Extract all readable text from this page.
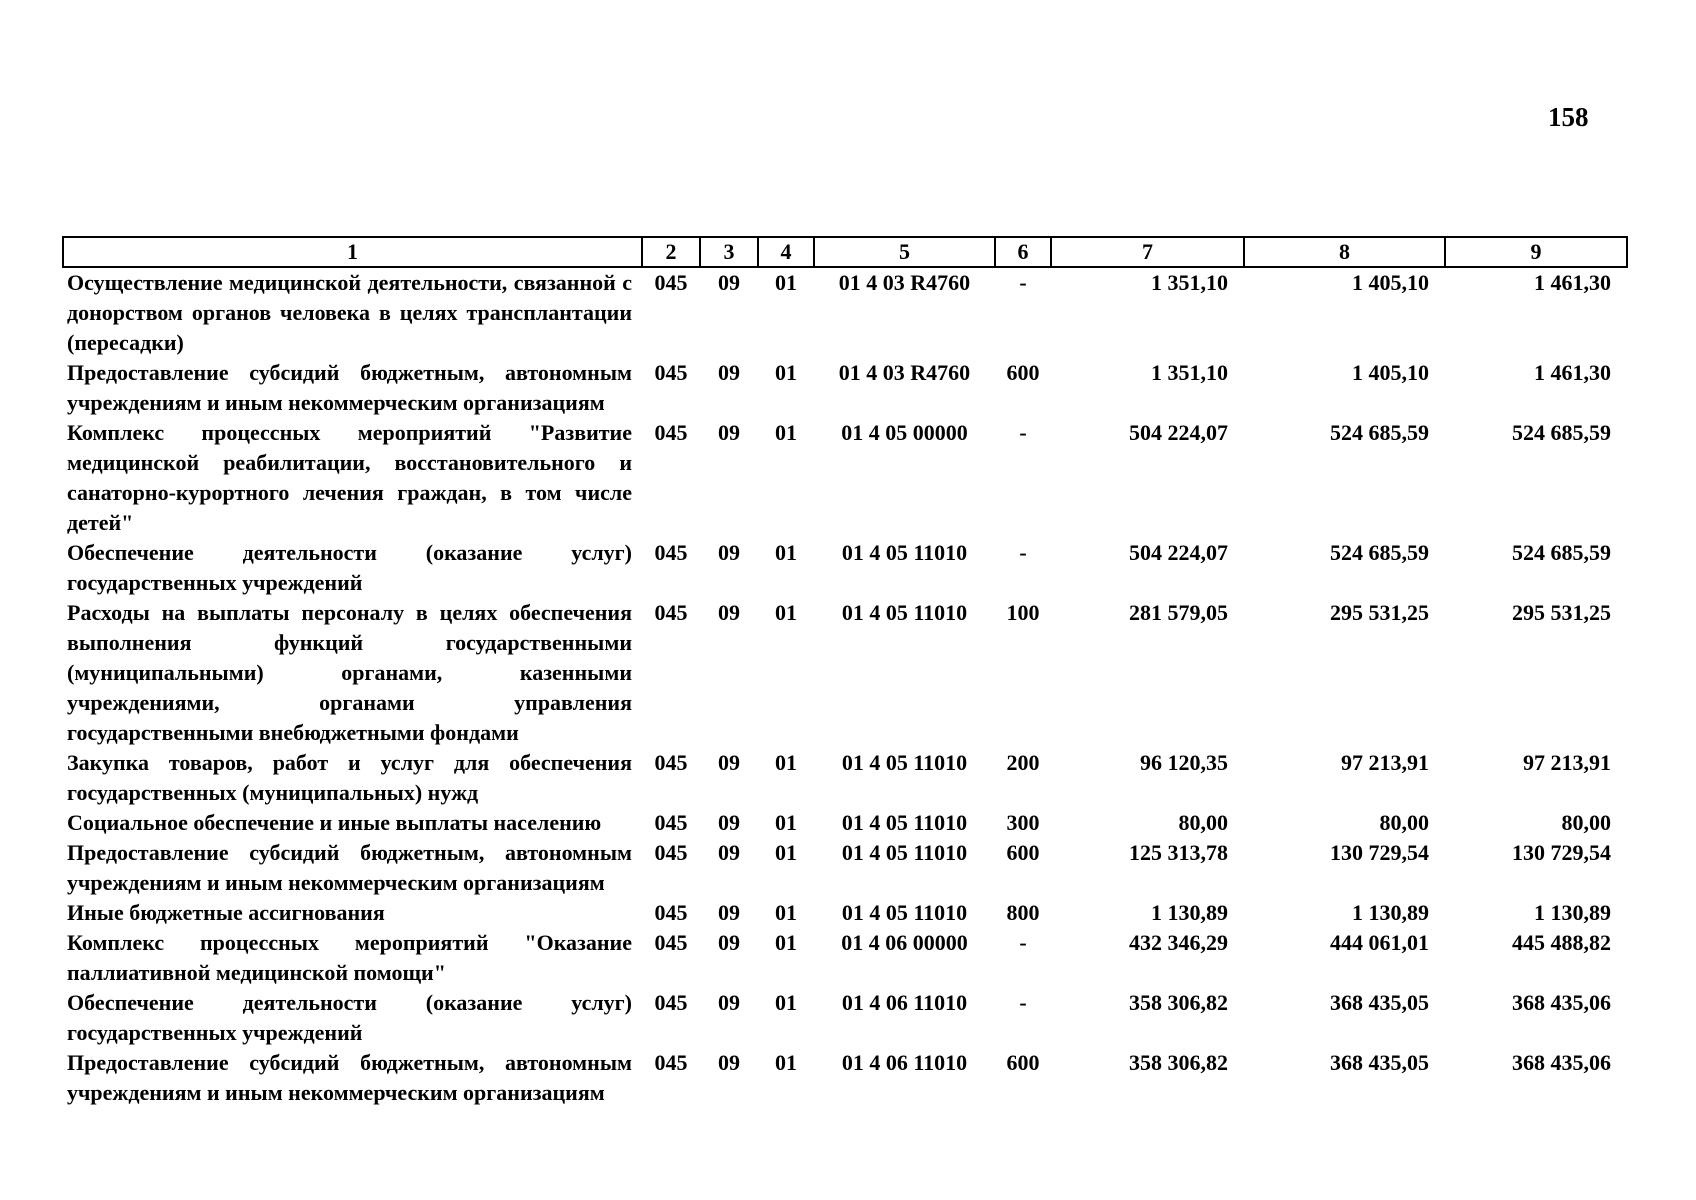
158
1	2	3	4	5	6	7	8	9
Осуществление медицинской деятельности, связанной с донорством органов человека в целях трансплантации (пересадки)	045	09	01	01 4 03 R4760	-	1 351,10	1 405,10	1 461,30
Предоставление субсидий бюджетным, автономным учреждениям и иным некоммерческим организациям	045	09	01	01 4 03 R4760	600	1 351,10	1 405,10	1 461,30
Комплекс процессных мероприятий "Развитие медицинской реабилитации, восстановительного и санаторно-курортного лечения граждан, в том числе детей"	045	09	01	01 4 05 00000	-	504 224,07	524 685,59	524 685,59
Обеспечение деятельности (оказание услуг) государственных учреждений	045	09	01	01 4 05 11010	-	504 224,07	524 685,59	524 685,59
Расходы на выплаты персоналу в целях обеспечения выполнения функций государственными (муниципальными) органами, казенными учреждениями, органами управления государственными внебюджетными фондами	045	09	01	01 4 05 11010	100	281 579,05	295 531,25	295 531,25
Закупка товаров, работ и услуг для обеспечения государственных (муниципальных) нужд	045	09	01	01 4 05 11010	200	96 120,35	97 213,91	97 213,91
Социальное обеспечение и иные выплаты населению	045	09	01	01 4 05 11010	300	80,00	80,00	80,00
Предоставление субсидий бюджетным, автономным учреждениям и иным некоммерческим организациям	045	09	01	01 4 05 11010	600	125 313,78	130 729,54	130 729,54
Иные бюджетные ассигнования	045	09	01	01 4 05 11010	800	1 130,89	1 130,89	1 130,89
Комплекс процессных мероприятий "Оказание паллиативной медицинской помощи"	045	09	01	01 4 06 00000	-	432 346,29	444 061,01	445 488,82
Обеспечение деятельности (оказание услуг) государственных учреждений	045	09	01	01 4 06 11010	-	358 306,82	368 435,05	368 435,06
Предоставление субсидий бюджетным, автономным учреждениям и иным некоммерческим организациям	045	09	01	01 4 06 11010	600	358 306,82	368 435,05	368 435,06
